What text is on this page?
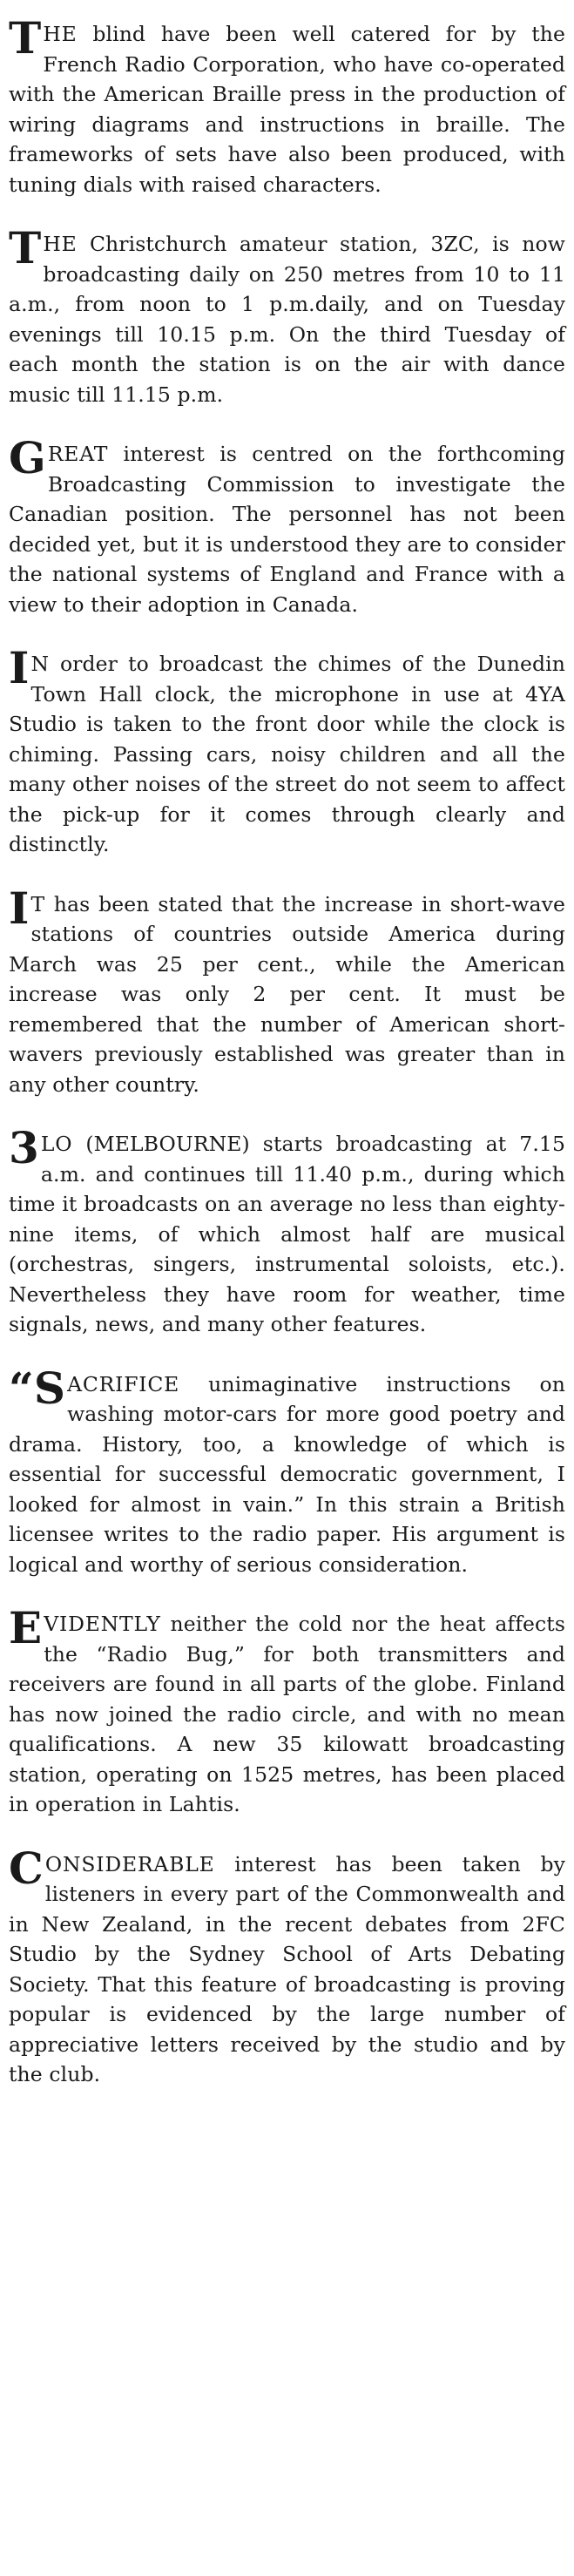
THE blind have been well catered for by the French Radio Corporation, who have co-operated with the American Braille press in the production of wiring diagrams and instructions in braille. The frameworks of sets have also been produced, with tuning dials with raised characters.
THE Christchurch amateur station, 3ZC, is now broadcasting daily on 250 metres from 10 to 11 a.m., from noon to 1 p.m.daily, and on Tuesday evenings till 10.15 p.m. On the third Tuesday of each month the station is on the air with dance music till 11.15 p.m.
GREAT interest is centred on the forthcoming Broadcasting Commission to investigate the Canadian position. The personnel has not been decided yet, but it is understood they are to consider the national systems of England and France with a view to their adoption in Canada.
I N order to broadcast the chimes of the Dunedin Town Hall clock, the microphone in use at 4YA Studio is taken to the front door while the clock is chiming. Passing cars, noisy children and all the many other noises of the street do not seem to affect the pick-up for it comes through clearly and distinctly.
I T has been stated that the increase in short-wave stations of countries outside America during March was 25 per cent., while the American increase was only 2 per cent. It must be remembered that the number of American short-wavers previously established was greater than in any other country.
3 LO (MELBOURNE) starts broadcasting at 7.15 a.m. and continues till 11.40 p.m., during which time it broadcasts on an average no less than eighty-nine items, of which almost half are musical (orchestras, singers, instrumental soloists, etc.). Nevertheless they have room for weather, time signals, news, and many other features.
“SACRIFICE unimaginative instructions on washing motor-cars for more good poetry and drama. History, too, a knowledge of which is essential for successful democratic government, I looked for almost in vain.” In this strain a British licensee writes to the radio paper. His argument is logical and worthy of serious consideration.
EVIDENTLY neither the cold nor the heat affects the “Radio Bug,” for both transmitters and receivers are found in all parts of the globe. Finland has now joined the radio circle, and with no mean qualifications. A new 35 kilowatt broadcasting station, operating on 1525 metres, has been placed in operation in Lahtis.
CONSIDERABLE interest has been taken by listeners in every part of the Commonwealth and in New Zealand, in the recent debates from 2FC Studio by the Sydney School of Arts Debating Society. That this feature of broadcasting is proving popular is evidenced by the large number of appreciative letters received by the studio and by the club.
